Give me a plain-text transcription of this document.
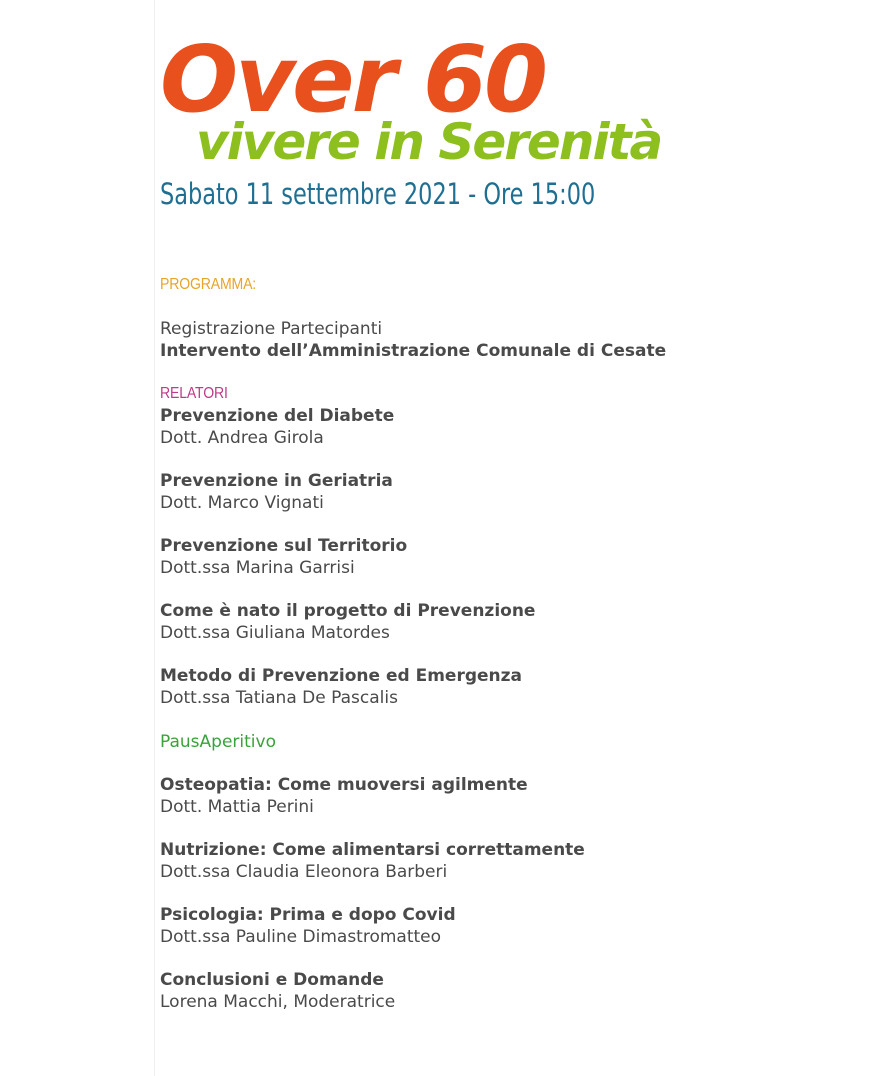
Over 60
vivere in Serenità
Sabato 11 settembre 2021 - Ore 15:00
PROGRAMMA:
Registrazione Partecipanti
Intervento dell’Amministrazione Comunale di Cesate
RELATORI
Prevenzione del Diabete
Dott. Andrea Girola
Prevenzione in Geriatria
Dott. Marco Vignati
Prevenzione sul Territorio
Dott.ssa Marina Garrisi
Come è nato il progetto di Prevenzione
Dott.ssa Giuliana Matordes
Metodo di Prevenzione ed Emergenza
Dott.ssa Tatiana De Pascalis
PausAperitivo
Osteopatia: Come muoversi agilmente
Dott. Mattia Perini
Nutrizione: Come alimentarsi correttamente
Dott.ssa Claudia Eleonora Barberi
Psicologia: Prima e dopo Covid
Dott.ssa Pauline Dimastromatteo
Conclusioni e Domande
Lorena Macchi, Moderatrice
